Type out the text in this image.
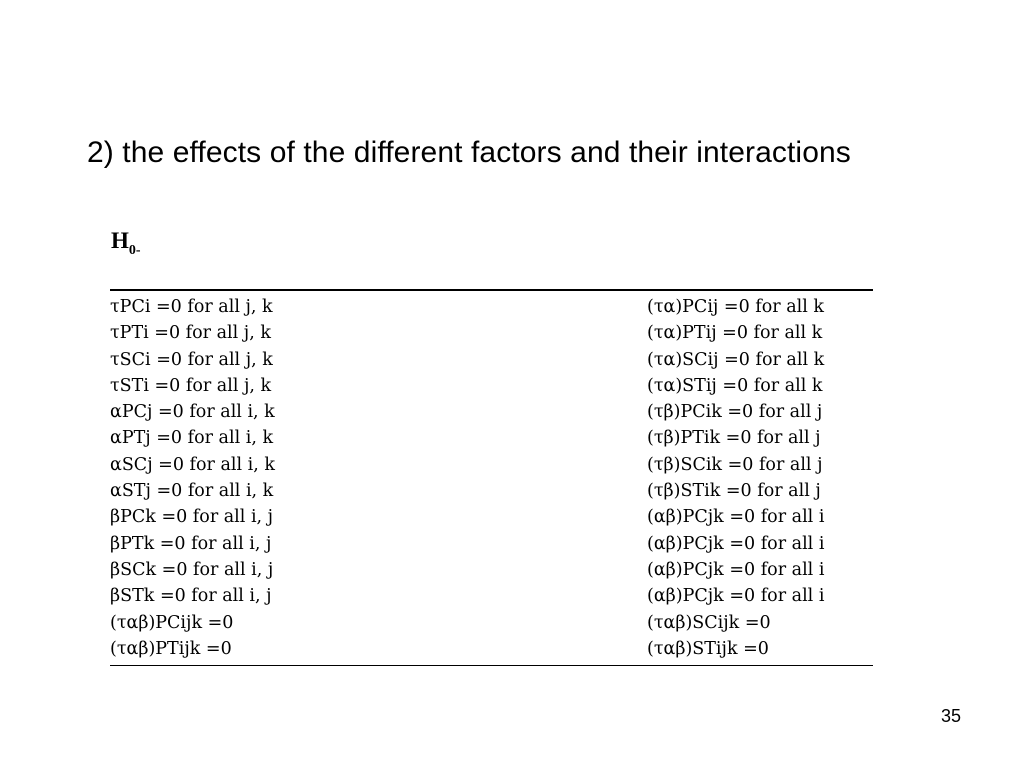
2) the effects of the different factors and their interactions
$H_{0-}$
τPCi =0 for all j, k	(τα)PCij =0 for all k
τPTi =0 for all j, k	(τα)PTij =0 for all k
τSCi =0 for all j, k	(τα)SCij =0 for all k
τSTi =0 for all j, k	(τα)STij =0 for all k
αPCj =0 for all i, k	(τβ)PCik =0 for all j
αPTj =0 for all i, k	(τβ)PTik =0 for all j
αSCj =0 for all i, k	(τβ)SCik =0 for all j
αSTj =0 for all i, k	(τβ)STik =0 for all j
βPCk =0 for all i, j	(αβ)PCjk =0 for all i
βPTk =0 for all i, j	(αβ)PCjk =0 for all i
βSCk =0 for all i, j	(αβ)PCjk =0 for all i
βSTk =0 for all i, j	(αβ)PCjk =0 for all i
(ταβ)PCijk =0	(ταβ)SCijk =0
(ταβ)PTijk =0	(ταβ)STijk =0
35
